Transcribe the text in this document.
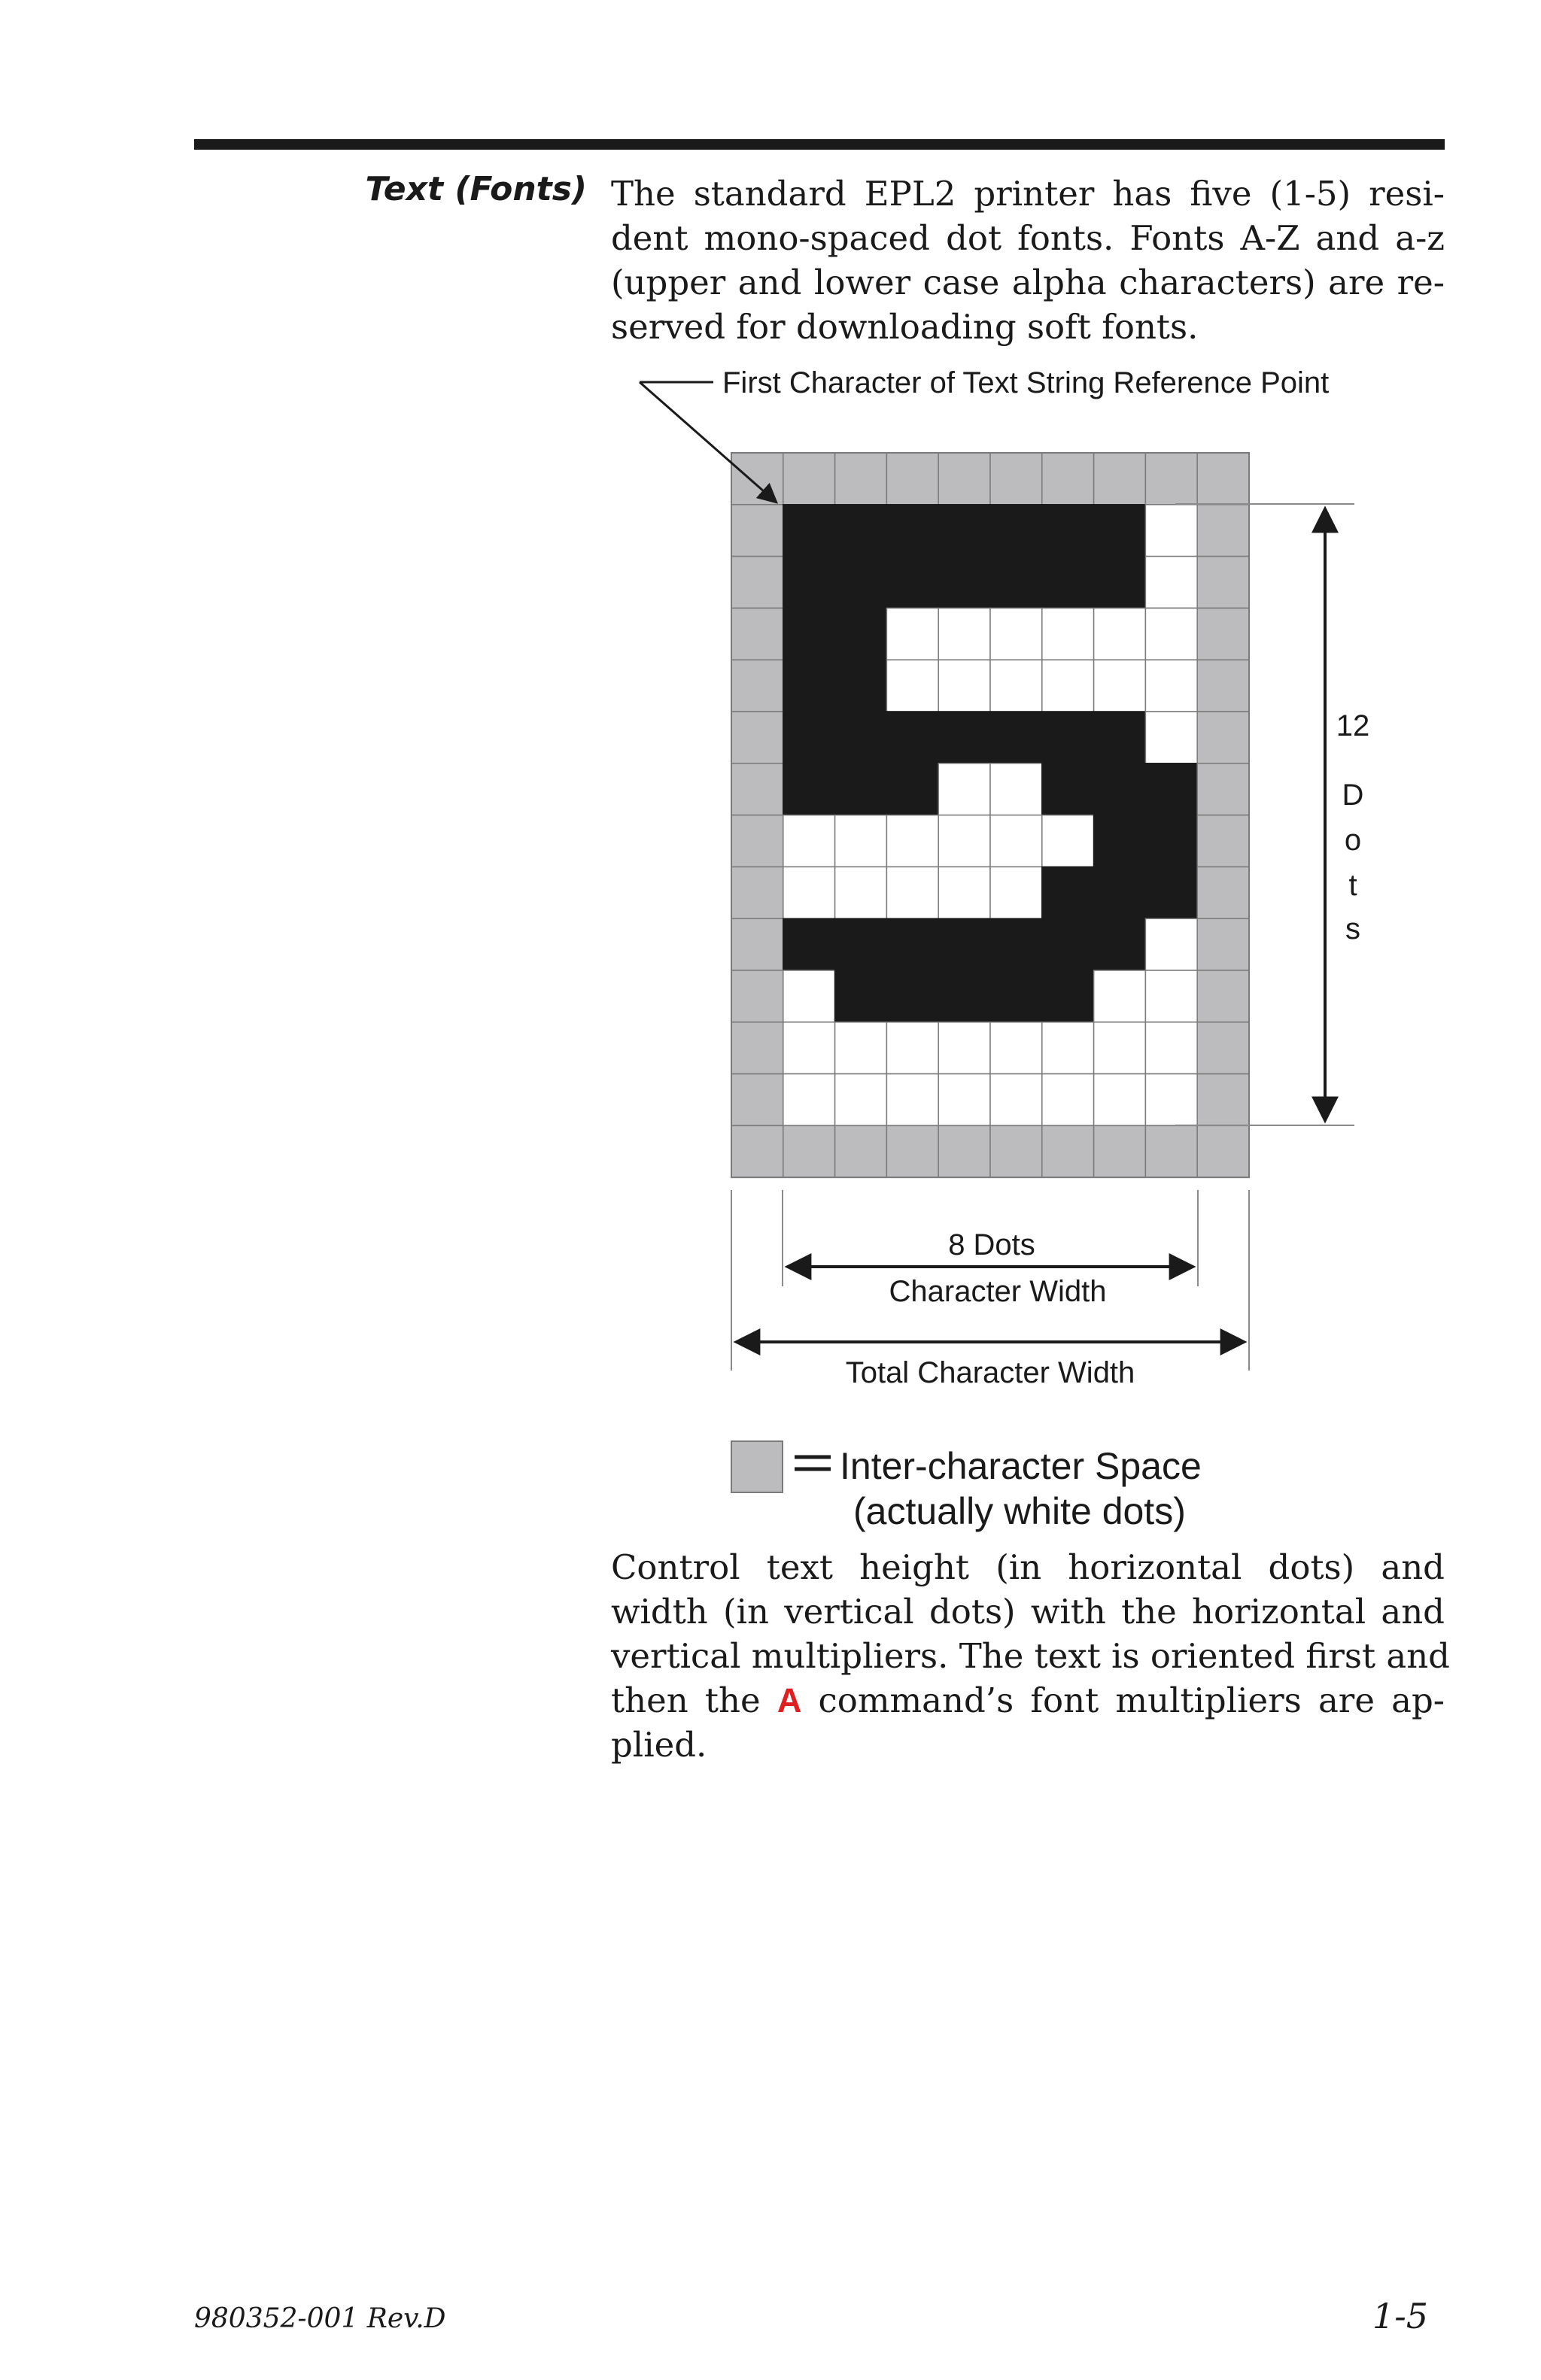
Text (Fonts) The standard EPL2 printer has five (1-5) resi-
dent mono-spaced dot fonts. Fonts A-Z and a-z
(upper and lower case alpha characters) are re-
served for downloading soft fonts.
First Character of Text String Reference Point
12
D
o
t
s
8 Dots
Character Width
Total Character Width
Inter-character Space
(actually white dots)
Control text height (in horizontal dots) and
width (in vertical dots) with the horizontal and
vertical multipliers. The text is oriented first and
then the A command’s font multipliers are ap-
plied.
980352-001 Rev.D	1-5
